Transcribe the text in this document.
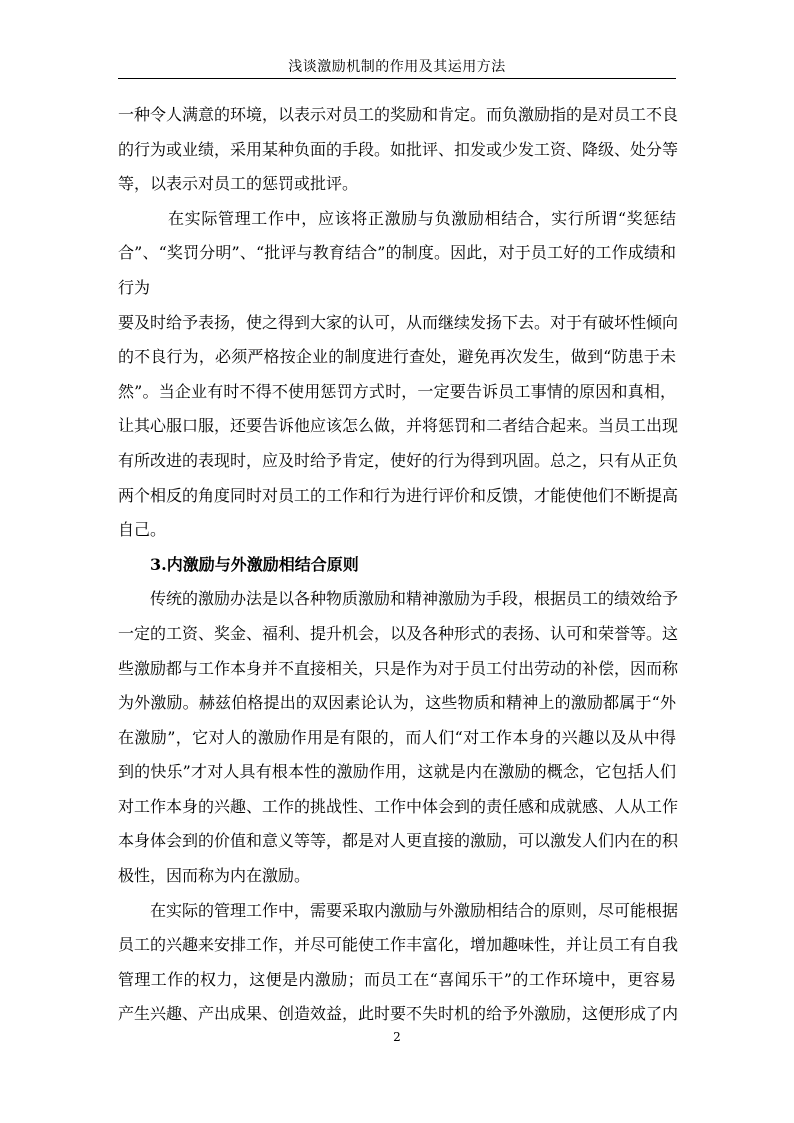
浅谈激励机制的作用及其运用方法
一种令人满意的环境，以表示对员工的奖励和肯定。而负激励指的是对员工不良
的行为或业绩，采用某种负面的手段。如批评、扣发或少发工资、降级、处分等
等，以表示对员工的惩罚或批评。
在实际管理工作中，应该将正激励与负激励相结合，实行所谓“奖惩结
合”、“奖罚分明”、“批评与教育结合”的制度。因此，对于员工好的工作成绩和
行为
要及时给予表扬，使之得到大家的认可，从而继续发扬下去。对于有破坏性倾向
的不良行为，必须严格按企业的制度进行查处，避免再次发生，做到“防患于未
然”。当企业有时不得不使用惩罚方式时，一定要告诉员工事情的原因和真相，
让其心服口服，还要告诉他应该怎么做，并将惩罚和二者结合起来。当员工出现
有所改进的表现时，应及时给予肯定，使好的行为得到巩固。总之，只有从正负
两个相反的角度同时对员工的工作和行为进行评价和反馈，才能使他们不断提高
自己。
3.内激励与外激励相结合原则
传统的激励办法是以各种物质激励和精神激励为手段，根据员工的绩效给予
一定的工资、奖金、福利、提升机会，以及各种形式的表扬、认可和荣誉等。这
些激励都与工作本身并不直接相关，只是作为对于员工付出劳动的补偿，因而称
为外激励。赫兹伯格提出的双因素论认为，这些物质和精神上的激励都属于“外
在激励”，它对人的激励作用是有限的，而人们“对工作本身的兴趣以及从中得
到的快乐”才对人具有根本性的激励作用，这就是内在激励的概念，它包括人们
对工作本身的兴趣、工作的挑战性、工作中体会到的责任感和成就感、人从工作
本身体会到的价值和意义等等，都是对人更直接的激励，可以激发人们内在的积
极性，因而称为内在激励。
在实际的管理工作中，需要采取内激励与外激励相结合的原则，尽可能根据
员工的兴趣来安排工作，并尽可能使工作丰富化，增加趣味性，并让员工有自我
管理工作的权力，这便是内激励；而员工在“喜闻乐干”的工作环境中，更容易
产生兴趣、产出成果、创造效益，此时要不失时机的给予外激励，这便形成了内
2
